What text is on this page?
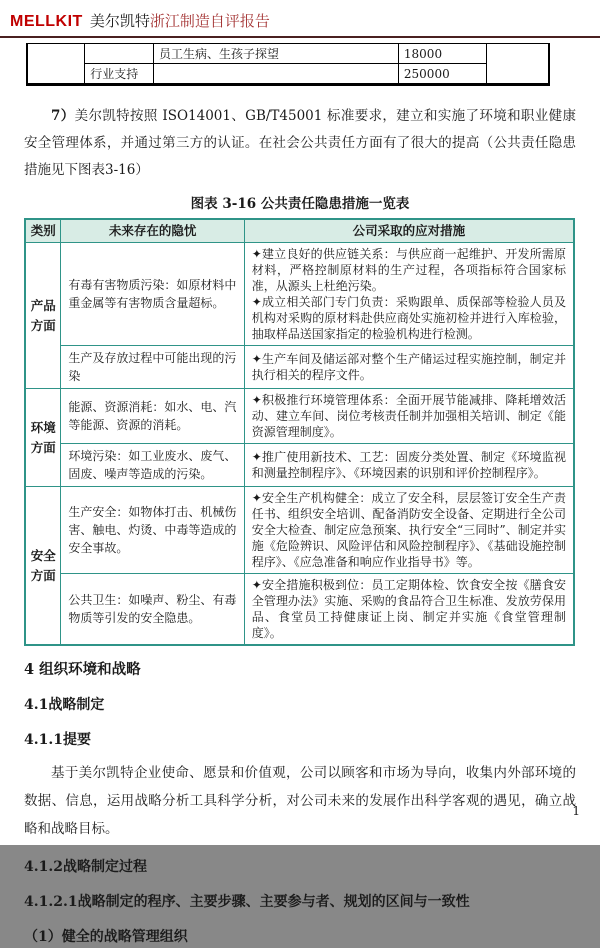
MELLKIT 美尔凯特浙江制造自评报告
		员工生病、生孩子探望	18000	
	行业支持		250000	

7）美尔凯特按照 ISO14001、GB/T45001 标准要求，建立和实施了环境和职业健康安全管理体系，并通过第三方的认证。在社会公共责任方面有了很大的提高（公共责任隐患措施见下图表3-16）

图表 3-16 公共责任隐患措施一览表
类别	未来存在的隐忧	公司采取的应对措施
产品方面	有毒有害物质污染：如原材料中重金属等有害物质含量超标。	✦建立良好的供应链关系：与供应商一起维护、开发所需原材料，严格控制原材料的生产过程，各项指标符合国家标准，从源头上杜绝污染。
✦成立相关部门专门负责：采购跟单、质保部等检验人员及机构对采购的原材料赴供应商处实施初检并进行入库检验，抽取样品送国家指定的检验机构进行检测。

	生产及存放过程中可能出现的污染	✦生产车间及储运部对整个生产储运过程实施控制，制定并执行相关的程序文件。

环境方面	能源、资源消耗：如水、电、汽等能源、资源的消耗。	✦积极推行环境管理体系：全面开展节能减排、降耗增效活动、建立车间、岗位考核责任制并加强相关培训、制定《能资源管理制度》。

	环境污染：如工业废水、废气、固废、噪声等造成的污染。	✦推广使用新技术、工艺：固废分类处置、制定《环境监视和测量控制程序》、《环境因素的识别和评价控制程序》。

安全方面	生产安全：如物体打击、机械伤害、触电、灼烫、中毒等造成的安全事故。	✦安全生产机构健全：成立了安全科，层层签订安全生产责任书、组织安全培训、配备消防安全设备、定期进行全公司安全大检查、制定应急预案、执行安全“三同时”、制定并实施《危险辨识、风险评估和风险控制程序》、《基础设施控制程序》、《应急准备和响应作业指导书》等。

	公共卫生：如噪声、粉尘、有毒物质等引发的安全隐患。	✦安全措施积极到位：员工定期体检、饮食安全按《膳食安全管理办法》实施、采购的食品符合卫生标准、发放劳保用品、食堂员工持健康证上岗、制定并实施《食堂管理制度》。
4 组织环境和战略
4.1战略制定
4.1.1提要

基于美尔凯特企业使命、愿景和价值观，公司以顾客和市场为导向，收集内外部环境的数据、信息，运用战略分析工具科学分析，对公司未来的发展作出科学客观的遇见，确立战略和战略目标。

4.1.2战略制定过程
4.1.2.1战略制定的程序、主要步骤、主要参与者、规划的区间与一致性
（1）健全的战略管理组织
1
